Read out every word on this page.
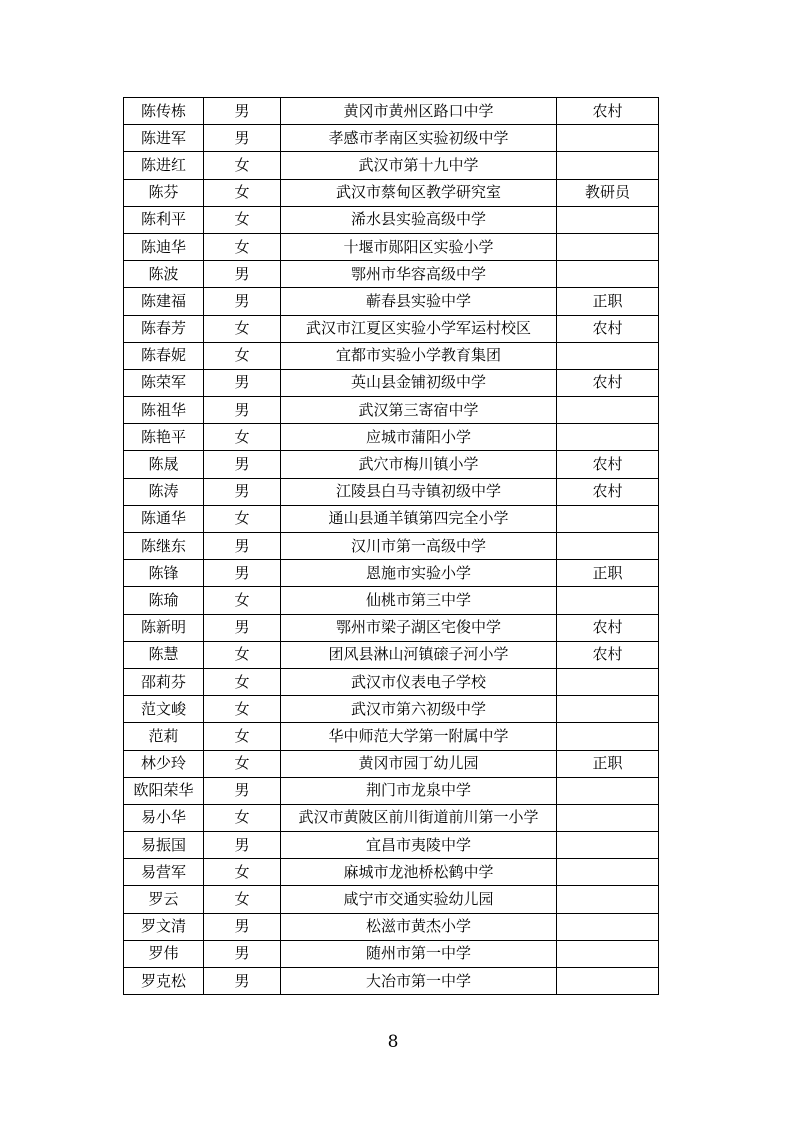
陈传栋	男	黄冈市黄州区路口中学	农村
陈进军	男	孝感市孝南区实验初级中学	
陈进红	女	武汉市第十九中学	
陈芬	女	武汉市蔡甸区教学研究室	教研员
陈利平	女	浠水县实验高级中学	
陈迪华	女	十堰市郧阳区实验小学	
陈波	男	鄂州市华容高级中学	
陈建福	男	蕲春县实验中学	正职
陈春芳	女	武汉市江夏区实验小学军运村校区	农村
陈春妮	女	宜都市实验小学教育集团	
陈荣军	男	英山县金铺初级中学	农村
陈祖华	男	武汉第三寄宿中学	
陈艳平	女	应城市蒲阳小学	
陈晟	男	武穴市梅川镇小学	农村
陈涛	男	江陵县白马寺镇初级中学	农村
陈通华	女	通山县通羊镇第四完全小学	
陈继东	男	汉川市第一高级中学	
陈锋	男	恩施市实验小学	正职
陈瑜	女	仙桃市第三中学	
陈新明	男	鄂州市梁子湖区宅俊中学	农村
陈慧	女	团风县淋山河镇磙子河小学	农村
邵莉芬	女	武汉市仪表电子学校	
范文峻	女	武汉市第六初级中学	
范莉	女	华中师范大学第一附属中学	
林少玲	女	黄冈市园丁幼儿园	正职
欧阳荣华	男	荆门市龙泉中学	
易小华	女	武汉市黄陂区前川街道前川第一小学	
易振国	男	宜昌市夷陵中学	
易营军	女	麻城市龙池桥松鹤中学	
罗云	女	咸宁市交通实验幼儿园	
罗文清	男	松滋市黄杰小学	
罗伟	男	随州市第一中学	
罗克松	男	大冶市第一中学	
8
